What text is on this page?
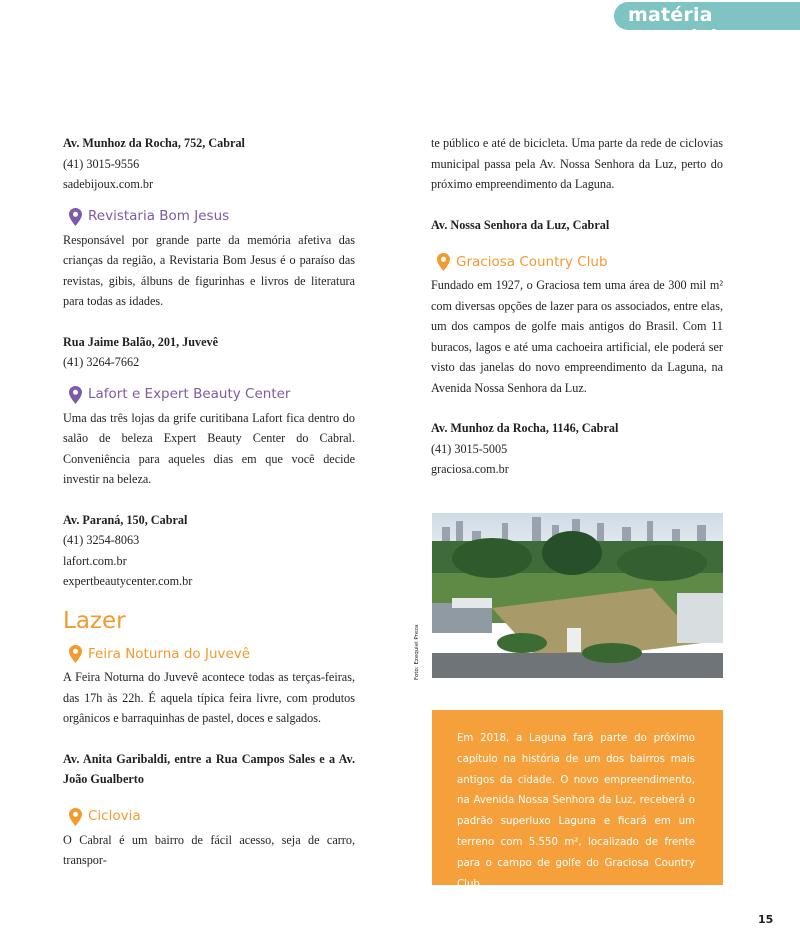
matéria especial

Av. Munhoz da Rocha, 752, Cabral

(41) 3015-9556

sadebijoux.com.br

Revistaria Bom Jesus

Responsável por grande parte da memória afetiva das crianças da região, a Revistaria Bom Jesus é o paraíso das revistas, gibis, álbuns de figurinhas e livros de literatura para todas as idades.

Rua Jaime Balão, 201, Juvevê

(41) 3264-7662

Lafort e Expert Beauty Center

Uma das três lojas da grife curitibana Lafort fica dentro do salão de beleza Expert Beauty Center do Cabral. Conveniência para aqueles dias em que você decide investir na beleza.

Av. Paraná, 150, Cabral

(41) 3254-8063

lafort.com.br

expertbeautycenter.com.br

Lazer
Feira Noturna do Juvevê

A Feira Noturna do Juvevê acontece todas as terças-feiras, das 17h às 22h. É aquela típica feira livre, com produtos orgânicos e barraquinhas de pastel, doces e salgados.

Av. Anita Garibaldi, entre a Rua Campos Sales e a Av. João Gualberto

Ciclovia

O Cabral é um bairro de fácil acesso, seja de carro, transpor-

te público e até de bicicleta. Uma parte da rede de ciclovias municipal passa pela Av. Nossa Senhora da Luz, perto do próximo empreendimento da Laguna.

Av. Nossa Senhora da Luz, Cabral

Graciosa Country Club

Fundado em 1927, o Graciosa tem uma área de 300 mil m² com diversas opções de lazer para os associados, entre elas, um dos campos de golfe mais antigos do Brasil. Com 11 buracos, lagos e até uma cachoeira artificial, ele poderá ser visto das janelas do novo empreendimento da Laguna, na Avenida Nossa Senhora da Luz.

Av. Munhoz da Rocha, 1146, Cabral

(41) 3015-5005

graciosa.com.br

Foto: Ezequiel Preza

Em 2018, a Laguna fará parte do próximo capítulo na história de um dos bairros mais antigos da cidade. O novo empreendimento, na Avenida Nossa Senhora da Luz, receberá o padrão superluxo Laguna e ficará em um terreno com 5.550 m², localizado de frente para o campo de golfe do Graciosa Country Club.

15
